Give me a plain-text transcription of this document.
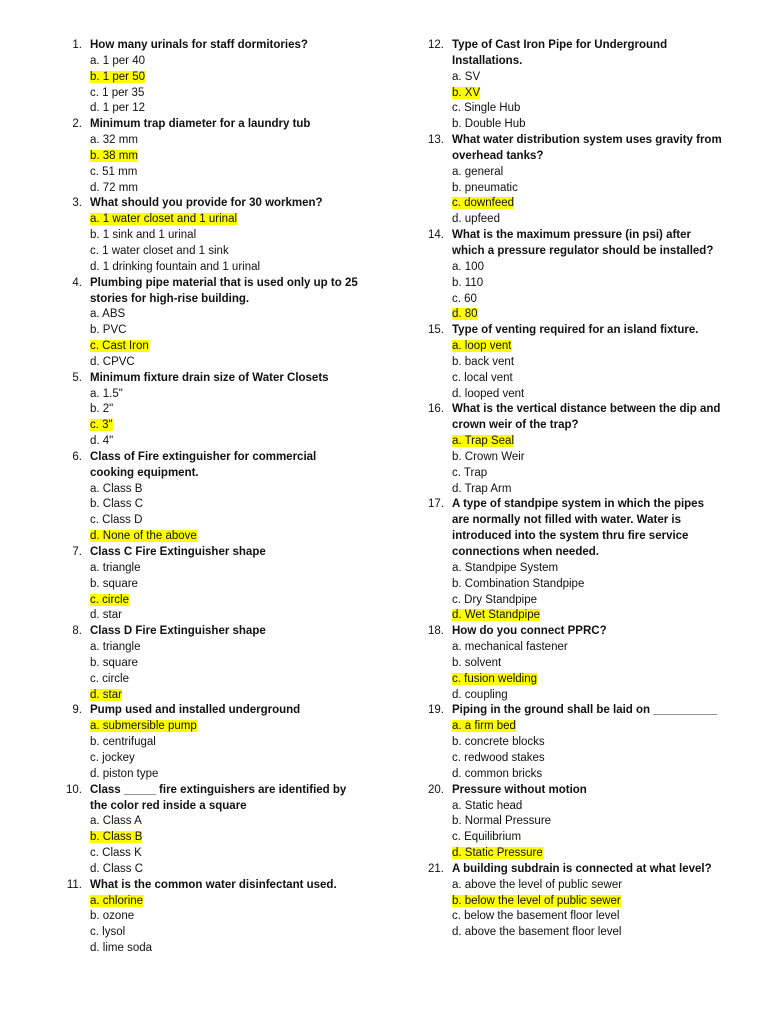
1. How many urinals for staff dormitories?
a. 1 per 40
b. 1 per 50
c. 1 per 35
d. 1 per 12
2. Minimum trap diameter for a laundry tub
a. 32 mm
b. 38 mm
c. 51 mm
d. 72 mm
3. What should you provide for 30 workmen?
a. 1 water closet and 1 urinal
b. 1 sink and 1 urinal
c. 1 water closet and 1 sink
d. 1 drinking fountain and 1 urinal
4. Plumbing pipe material that is used only up to 25 stories for high-rise building.
a. ABS
b. PVC
c. Cast Iron
d. CPVC
5. Minimum fixture drain size of Water Closets
a. 1.5"
b. 2"
c. 3"
d. 4"
6. Class of Fire extinguisher for commercial cooking equipment.
a. Class B
b. Class C
c. Class D
d. None of the above
7. Class C Fire Extinguisher shape
a. triangle
b. square
c. circle
d. star
8. Class D Fire Extinguisher shape
a. triangle
b. square
c. circle
d. star
9. Pump used and installed underground
a. submersible pump
b. centrifugal
c. jockey
d. piston type
10. Class _____ fire extinguishers are identified by the color red inside a square
a. Class A
b. Class B
c. Class K
d. Class C
11. What is the common water disinfectant used.
a. chlorine
b. ozone
c. lysol
d. lime soda
12. Type of Cast Iron Pipe for Underground Installations.
a. SV
b. XV
c. Single Hub
b. Double Hub
13. What water distribution system uses gravity from overhead tanks?
a. general
b. pneumatic
c. downfeed
d. upfeed
14. What is the maximum pressure (in psi) after which a pressure regulator should be installed?
a. 100
b. 110
c. 60
d. 80
15. Type of venting required for an island fixture.
a. loop vent
b. back vent
c. local vent
d. looped vent
16. What is the vertical distance between the dip and crown weir of the trap?
a. Trap Seal
b. Crown Weir
c. Trap
d. Trap Arm
17. A type of standpipe system in which the pipes are normally not filled with water. Water is introduced into the system thru fire service connections when needed.
a. Standpipe System
b. Combination Standpipe
c. Dry Standpipe
d. Wet Standpipe
18. How do you connect PPRC?
a. mechanical fastener
b. solvent
c. fusion welding
d. coupling
19. Piping in the ground shall be laid on __________
a. a firm bed
b. concrete blocks
c. redwood stakes
d. common bricks
20. Pressure without motion
a. Static head
b. Normal Pressure
c. Equilibrium
d. Static Pressure
21. A building subdrain is connected at what level?
a. above the level of public sewer
b. below the level of public sewer
c. below the basement floor level
d. above the basement floor level
